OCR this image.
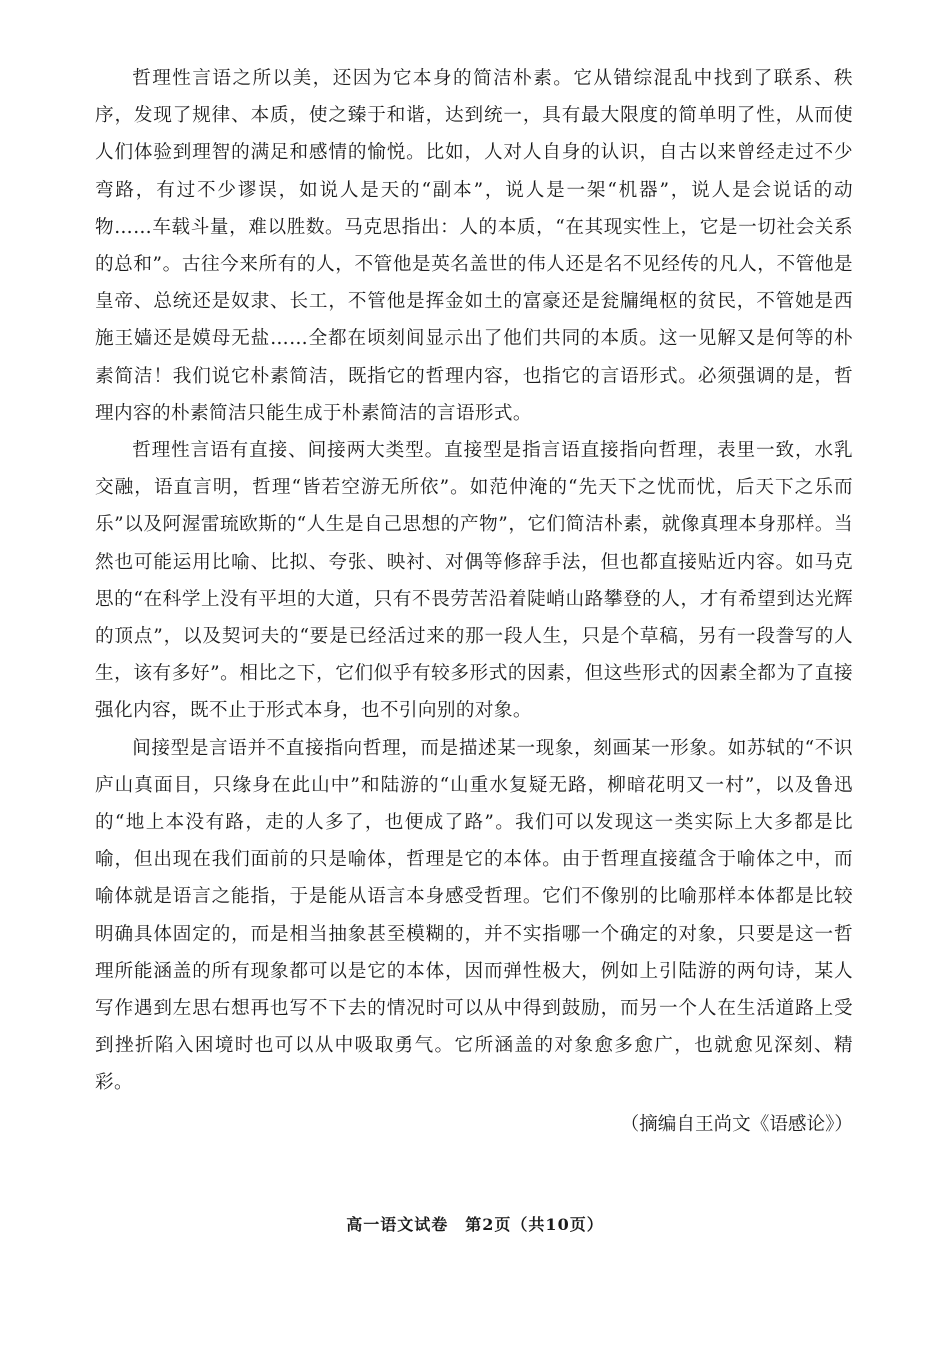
哲理性言语之所以美，还因为它本身的简洁朴素。它从错综混乱中找到了联系、秩序，发现了规律、本质，使之臻于和谐，达到统一，具有最大限度的简单明了性，从而使人们体验到理智的满足和感情的愉悦。比如，人对人自身的认识，自古以来曾经走过不少弯路，有过不少谬误，如说人是天的“副本”，说人是一架“机器”，说人是会说话的动物……车载斗量，难以胜数。马克思指出：人的本质，“在其现实性上，它是一切社会关系的总和”。古往今来所有的人，不管他是英名盖世的伟人还是名不见经传的凡人，不管他是皇帝、总统还是奴隶、长工，不管他是挥金如土的富豪还是瓮牖绳枢的贫民，不管她是西施王嫱还是嫫母无盐……全都在顷刻间显示出了他们共同的本质。这一见解又是何等的朴素简洁！我们说它朴素简洁，既指它的哲理内容，也指它的言语形式。必须强调的是，哲理内容的朴素简洁只能生成于朴素简洁的言语形式。

哲理性言语有直接、间接两大类型。直接型是指言语直接指向哲理，表里一致，水乳交融，语直言明，哲理“皆若空游无所依”。如范仲淹的“先天下之忧而忧，后天下之乐而乐”以及阿渥雷琉欧斯的“人生是自己思想的产物”，它们简洁朴素，就像真理本身那样。当然也可能运用比喻、比拟、夸张、映衬、对偶等修辞手法，但也都直接贴近内容。如马克思的“在科学上没有平坦的大道，只有不畏劳苦沿着陡峭山路攀登的人，才有希望到达光辉的顶点”，以及契诃夫的“要是已经活过来的那一段人生，只是个草稿，另有一段誊写的人生，该有多好”。相比之下，它们似乎有较多形式的因素，但这些形式的因素全都为了直接强化内容，既不止于形式本身，也不引向别的对象。

间接型是言语并不直接指向哲理，而是描述某一现象，刻画某一形象。如苏轼的“不识庐山真面目，只缘身在此山中”和陆游的“山重水复疑无路，柳暗花明又一村”，以及鲁迅的“地上本没有路，走的人多了，也便成了路”。我们可以发现这一类实际上大多都是比喻，但出现在我们面前的只是喻体，哲理是它的本体。由于哲理直接蕴含于喻体之中，而喻体就是语言之能指，于是能从语言本身感受哲理。它们不像别的比喻那样本体都是比较明确具体固定的，而是相当抽象甚至模糊的，并不实指哪一个确定的对象，只要是这一哲理所能涵盖的所有现象都可以是它的本体，因而弹性极大，例如上引陆游的两句诗，某人写作遇到左思右想再也写不下去的情况时可以从中得到鼓励，而另一个人在生活道路上受到挫折陷入困境时也可以从中吸取勇气。它所涵盖的对象愈多愈广，也就愈见深刻、精彩。

（摘编自王尚文《语感论》）

高一语文试卷　第2页（共10页）
